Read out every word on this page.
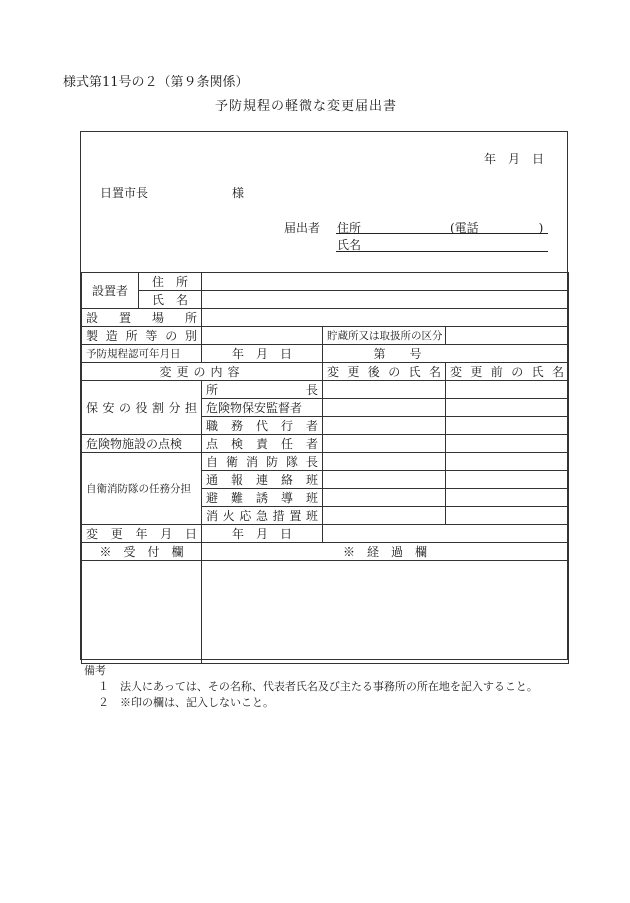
様式第11号の２（第９条関係）
予防規程の軽微な変更届出書
年　月　日
日置市長	様
届出者 住所	(電話　　　　　)
氏名
設置者	住　所			
	氏　名			
設置場所				
製造所等の別			貯蔵所又は取扱所の区分	
予防規程認可年月日		年　月　日	第　　号	
変更の内容			変更後の氏名	変更前の氏名
保安の役割分担		所　長		
		危険物保安監督者		
		職務代行者		
危険物施設の点検		点検責任者		
自衛消防隊の任務分担		自衛消防隊長		
		通報連絡班		
		避難誘導班		
		消火応急措置班		
変更年月日		年　月　日		
※　受　付　欄		※　経　過　欄		

備考
１　法人にあっては、その名称、代表者氏名及び主たる事務所の所在地を記入すること。
２　※印の欄は、記入しないこと。
